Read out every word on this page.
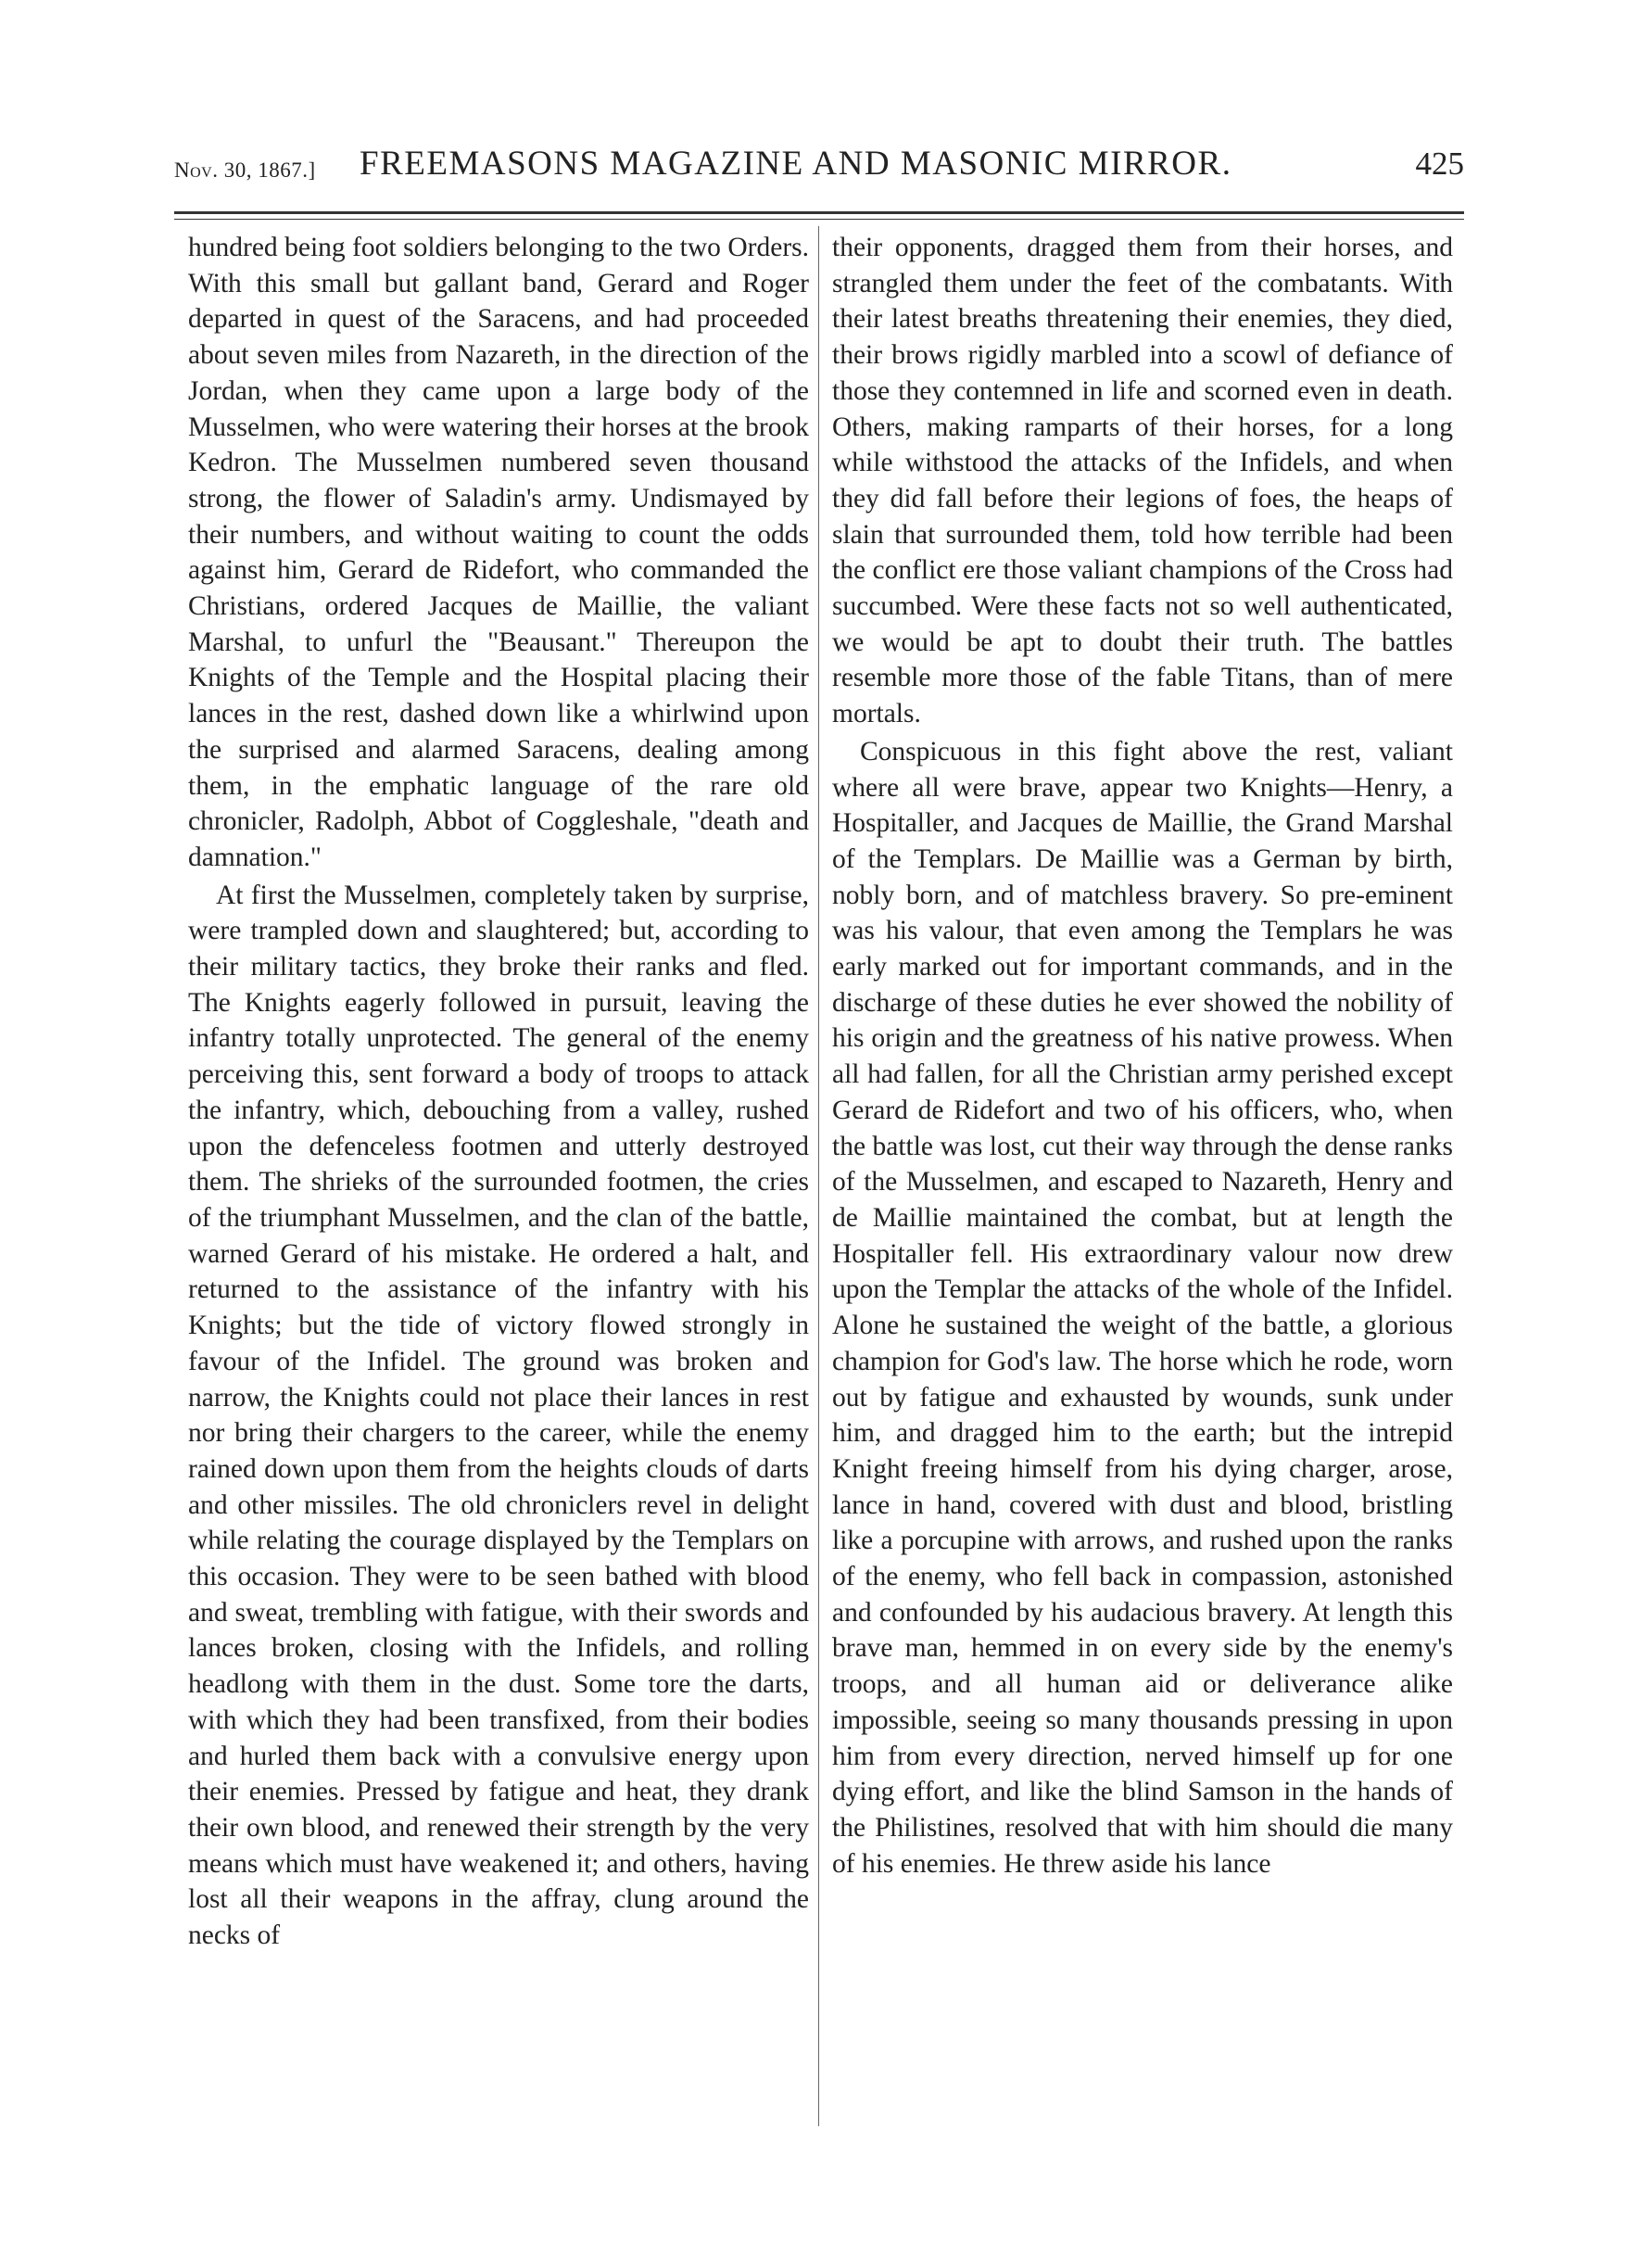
Nov. 30, 1867.] FREEMASONS MAGAZINE AND MASONIC MIRROR.	425

hundred being foot soldiers belonging to the two Orders. With this small but gallant band, Gerard and Roger departed in quest of the Saracens, and had proceeded about seven miles from Nazareth, in the direction of the Jordan, when they came upon a large body of the Musselmen, who were watering their horses at the brook Kedron. The Musselmen numbered seven thousand strong, the flower of Saladin's army. Undismayed by their numbers, and without waiting to count the odds against him, Gerard de Ridefort, who commanded the Christians, ordered Jacques de Maillie, the valiant Marshal, to unfurl the "Beausant." Thereupon the Knights of the Temple and the Hospital placing their lances in the rest, dashed down like a whirlwind upon the surprised and alarmed Saracens, dealing among them, in the emphatic language of the rare old chronicler, Radolph, Abbot of Coggleshale, "death and damnation."

At first the Musselmen, completely taken by surprise, were trampled down and slaughtered; but, according to their military tactics, they broke their ranks and fled. The Knights eagerly followed in pursuit, leaving the infantry totally unprotected. The general of the enemy perceiving this, sent forward a body of troops to attack the infantry, which, debouching from a valley, rushed upon the defenceless footmen and utterly destroyed them. The shrieks of the surrounded footmen, the cries of the triumphant Musselmen, and the clan of the battle, warned Gerard of his mistake. He ordered a halt, and returned to the assistance of the infantry with his Knights; but the tide of victory flowed strongly in favour of the Infidel. The ground was broken and narrow, the Knights could not place their lances in rest nor bring their chargers to the career, while the enemy rained down upon them from the heights clouds of darts and other missiles. The old chroniclers revel in delight while relating the courage displayed by the Templars on this occasion. They were to be seen bathed with blood and sweat, trembling with fatigue, with their swords and lances broken, closing with the Infidels, and rolling headlong with them in the dust. Some tore the darts, with which they had been transfixed, from their bodies and hurled them back with a convulsive energy upon their enemies. Pressed by fatigue and heat, they drank their own blood, and renewed their strength by the very means which must have weakened it; and others, having lost all their weapons in the affray, clung around the necks of

their opponents, dragged them from their horses, and strangled them under the feet of the combatants. With their latest breaths threatening their enemies, they died, their brows rigidly marbled into a scowl of defiance of those they contemned in life and scorned even in death. Others, making ramparts of their horses, for a long while withstood the attacks of the Infidels, and when they did fall before their legions of foes, the heaps of slain that surrounded them, told how terrible had been the conflict ere those valiant champions of the Cross had succumbed. Were these facts not so well authenticated, we would be apt to doubt their truth. The battles resemble more those of the fable Titans, than of mere mortals.

Conspicuous in this fight above the rest, valiant where all were brave, appear two Knights—Henry, a Hospitaller, and Jacques de Maillie, the Grand Marshal of the Templars. De Maillie was a German by birth, nobly born, and of matchless bravery. So pre-eminent was his valour, that even among the Templars he was early marked out for important commands, and in the discharge of these duties he ever showed the nobility of his origin and the greatness of his native prowess. When all had fallen, for all the Christian army perished except Gerard de Ridefort and two of his officers, who, when the battle was lost, cut their way through the dense ranks of the Musselmen, and escaped to Nazareth, Henry and de Maillie maintained the combat, but at length the Hospitaller fell. His extraordinary valour now drew upon the Templar the attacks of the whole of the Infidel. Alone he sustained the weight of the battle, a glorious champion for God's law. The horse which he rode, worn out by fatigue and exhausted by wounds, sunk under him, and dragged him to the earth; but the intrepid Knight freeing himself from his dying charger, arose, lance in hand, covered with dust and blood, bristling like a porcupine with arrows, and rushed upon the ranks of the enemy, who fell back in compassion, astonished and confounded by his audacious bravery. At length this brave man, hemmed in on every side by the enemy's troops, and all human aid or deliverance alike impossible, seeing so many thousands pressing in upon him from every direction, nerved himself up for one dying effort, and like the blind Samson in the hands of the Philistines, resolved that with him should die many of his enemies. He threw aside his lance
